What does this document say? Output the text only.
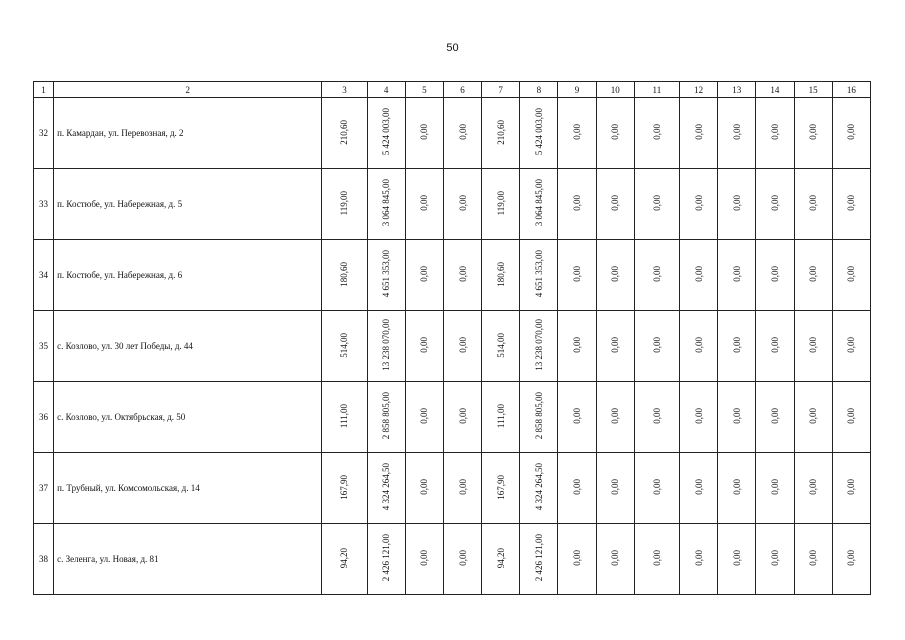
50
1	2	3	4	5	6	7	8	9	10	11	12	13	14	15	16
32	п. Камардан, ул. Перевозная, д. 2	210,60	5 424 003,00	0,00	0,00	210,60	5 424 003,00	0,00	0,00	0,00	0,00	0,00	0,00	0,00	0,00
33	п. Костюбе, ул. Набережная, д. 5	119,00	3 064 845,00	0,00	0,00	119,00	3 064 845,00	0,00	0,00	0,00	0,00	0,00	0,00	0,00	0,00
34	п. Костюбе, ул. Набережная, д. 6	180,60	4 651 353,00	0,00	0,00	180,60	4 651 353,00	0,00	0,00	0,00	0,00	0,00	0,00	0,00	0,00
35	с. Козлово, ул. 30 лет Победы, д. 44	514,00	13 238 070,00	0,00	0,00	514,00	13 238 070,00	0,00	0,00	0,00	0,00	0,00	0,00	0,00	0,00
36	с. Козлово, ул. Октябрьская, д. 50	111,00	2 858 805,00	0,00	0,00	111,00	2 858 805,00	0,00	0,00	0,00	0,00	0,00	0,00	0,00	0,00
37	п. Трубный, ул. Комсомольская, д. 14	167,90	4 324 264,50	0,00	0,00	167,90	4 324 264,50	0,00	0,00	0,00	0,00	0,00	0,00	0,00	0,00
38	с. Зеленга, ул. Новая, д. 81	94,20	2 426 121,00	0,00	0,00	94,20	2 426 121,00	0,00	0,00	0,00	0,00	0,00	0,00	0,00	0,00
